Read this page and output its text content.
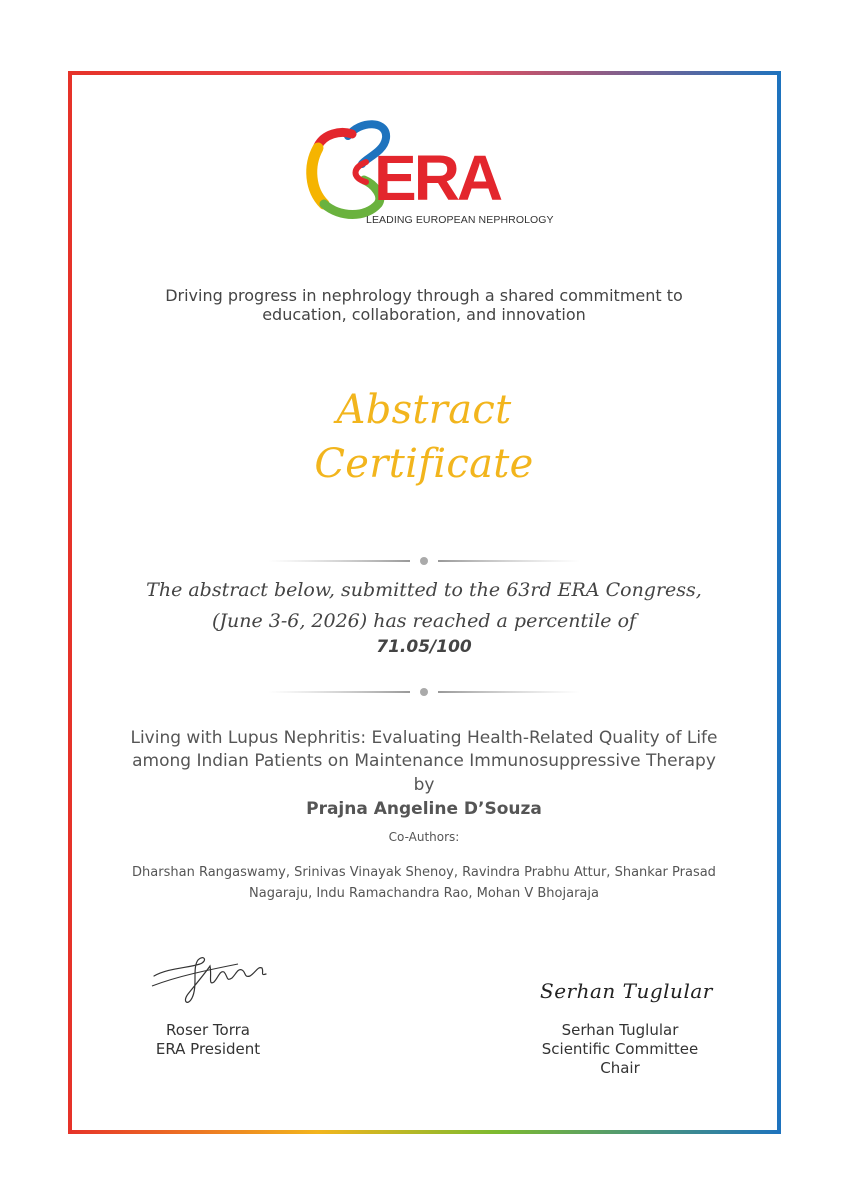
ERA
LEADING EUROPEAN NEPHROLOGY
Driving progress in nephrology through a shared commitment to
education, collaboration, and innovation
Abstract
Certificate
The abstract below, submitted to the 63rd ERA Congress,
(June 3-6, 2026) has reached a percentile of
71.05/100
Living with Lupus Nephritis: Evaluating Health-Related Quality of Life
among Indian Patients on Maintenance Immunosuppressive Therapy
by
Prajna Angeline D’Souza
Co-Authors:
Dharshan Rangaswamy, Srinivas Vinayak Shenoy, Ravindra Prabhu Attur, Shankar Prasad
Nagaraju, Indu Ramachandra Rao, Mohan V Bhojaraja
Roser Torra
ERA President
Serhan Tuglular
Serhan Tuglular
Scientific Committee
Chair
